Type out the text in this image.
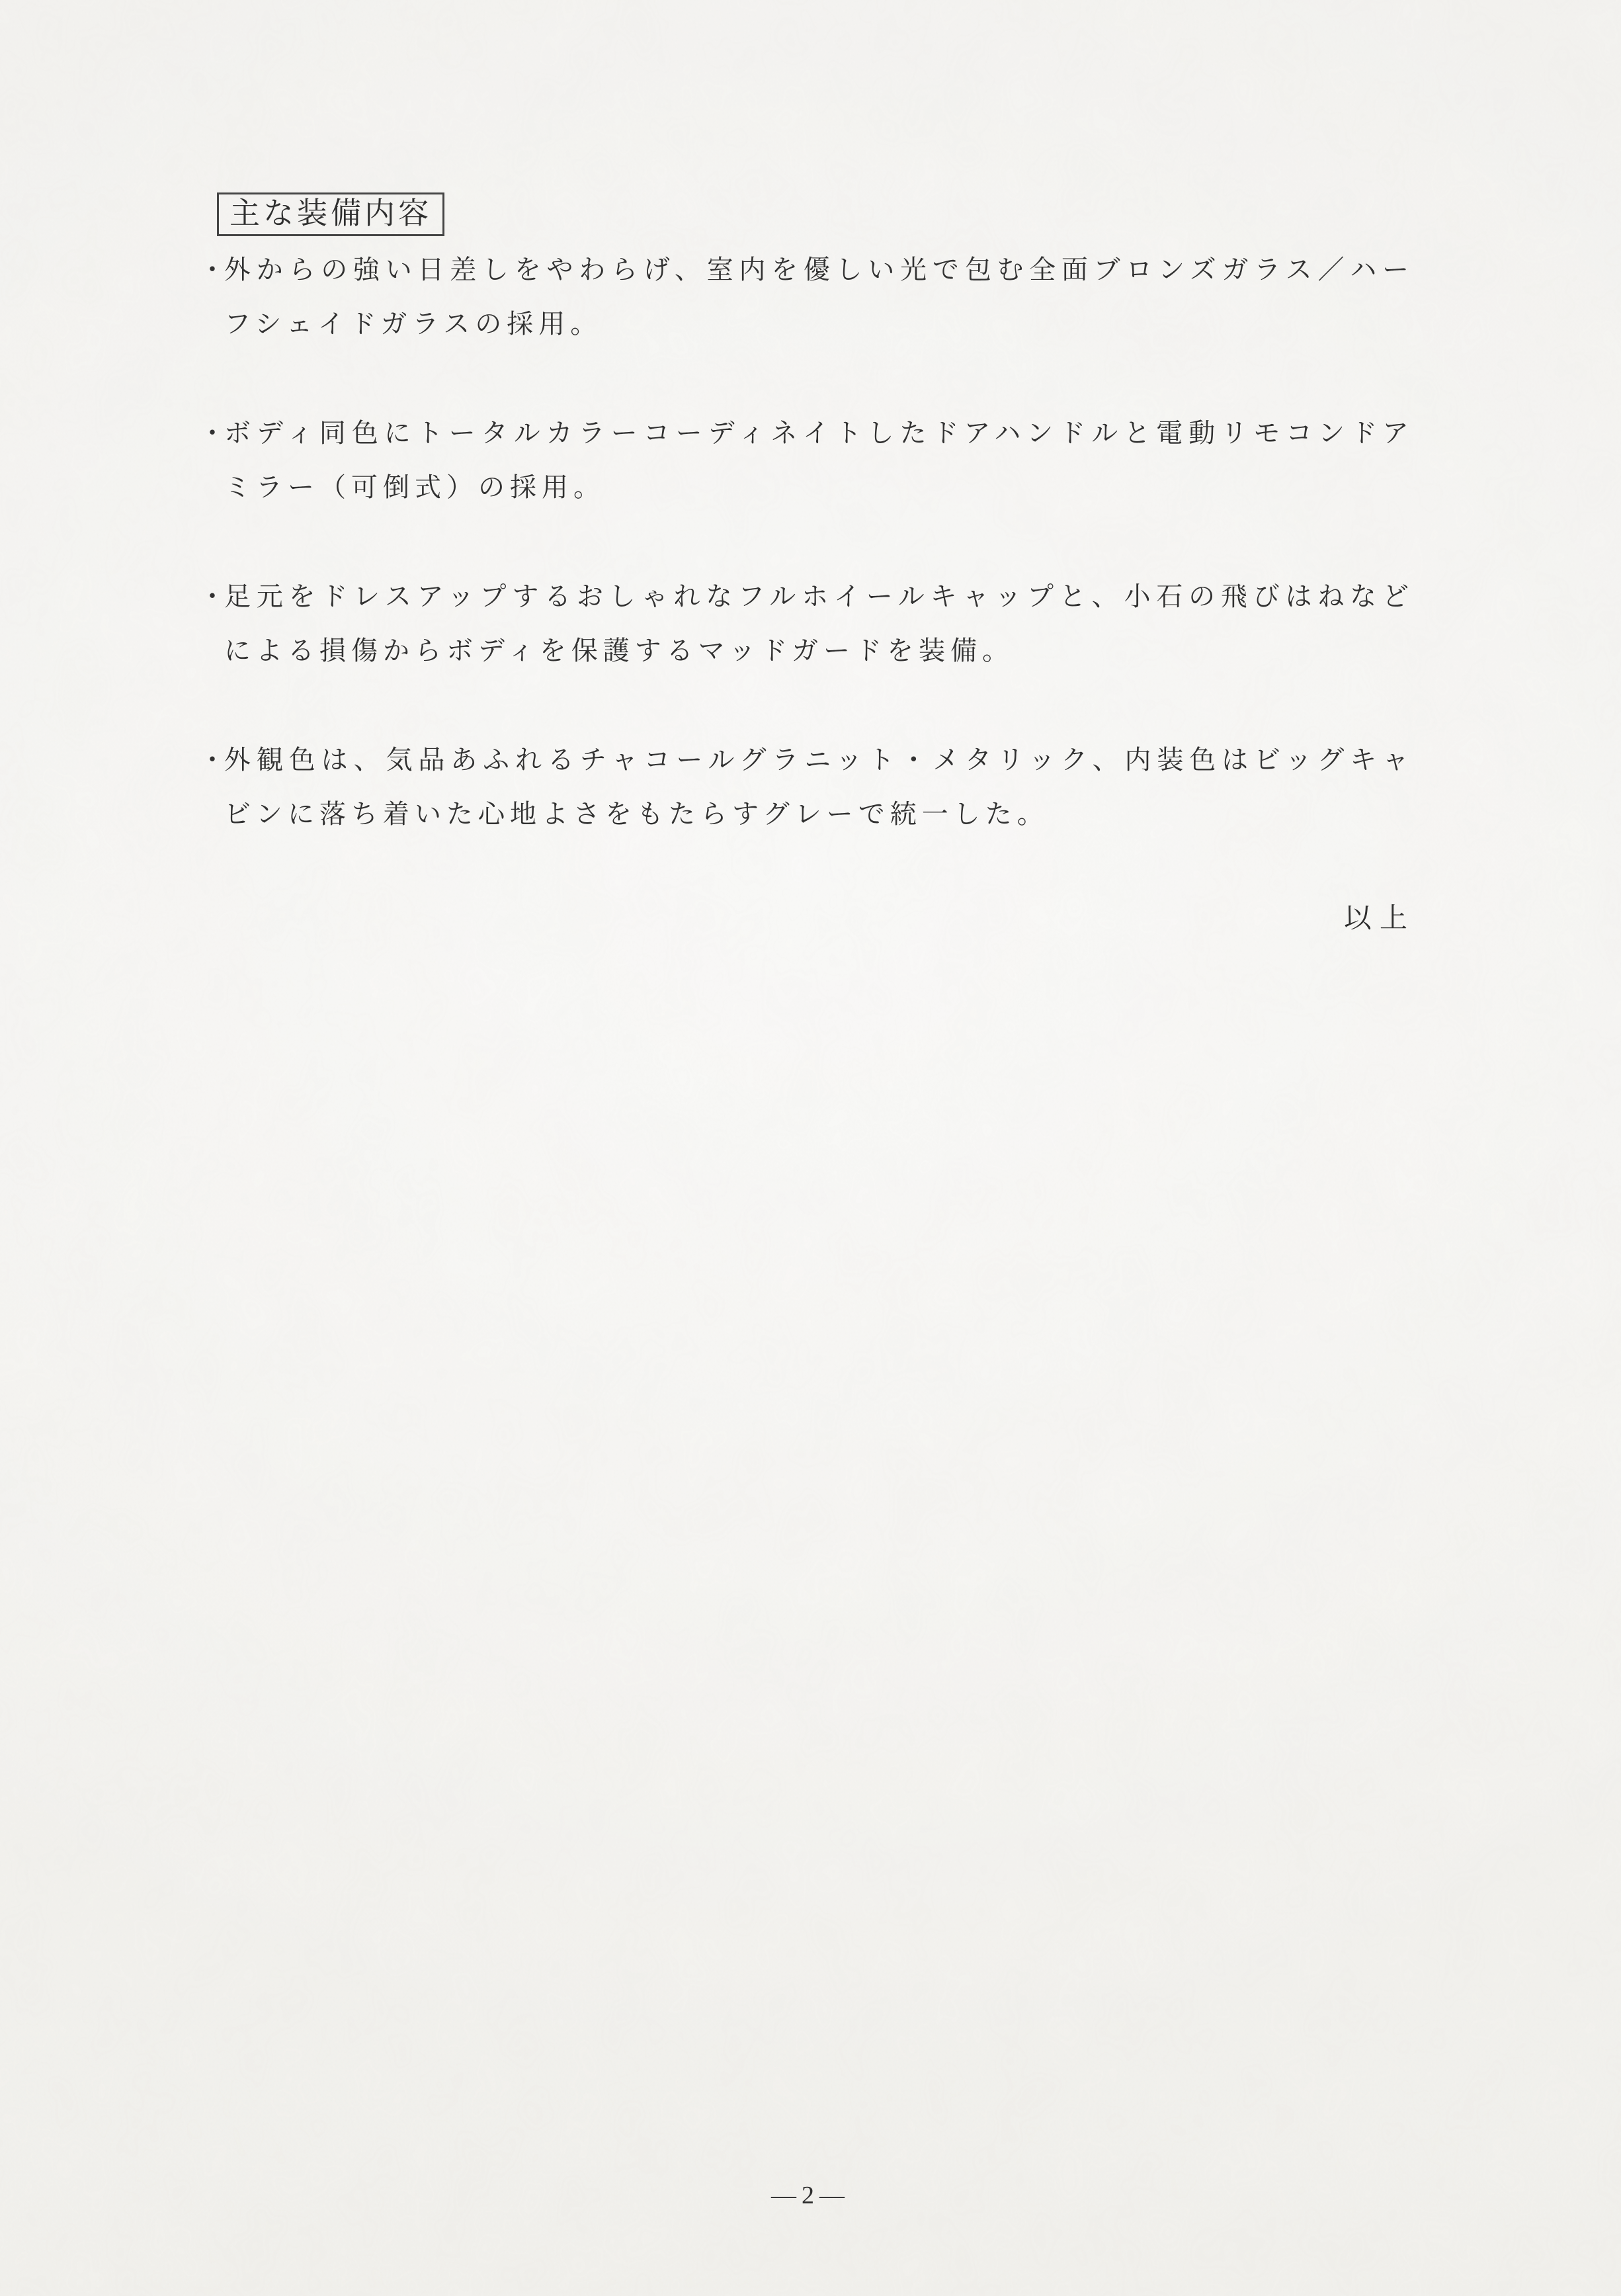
主な装備内容
・
外からの強い日差しをやわらげ、室内を優しい光で包む全面ブロンズガラス／ハーフシェイドガラスの採用。
・
ボディ同色にトータルカラーコーディネイトしたドアハンドルと電動リモコンドアミラー（可倒式）の採用。
・
足元をドレスアップするおしゃれなフルホイールキャップと、小石の飛びはねなどによる損傷からボディを保護するマッドガードを装備。
・
外観色は、気品あふれるチャコールグラニット・メタリック、内装色はビッグキャビンに落ち着いた心地よさをもたらすグレーで統一した。
以上
―2―
